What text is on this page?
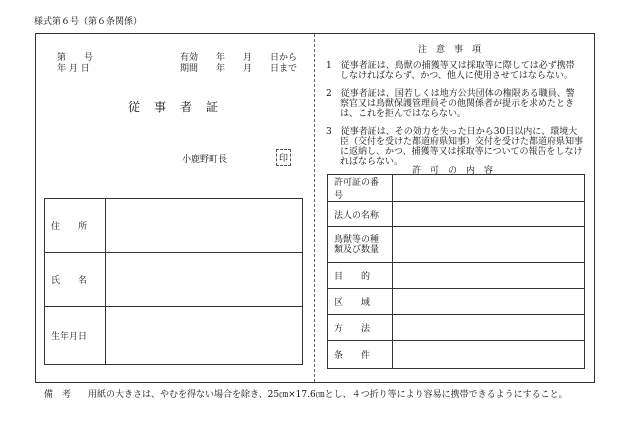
様式第６号（第６条関係）
第　　号
年 月 日
有効　　年　　月　　日から
期間　　年　　月　　日まで
従事者証
小鹿野町長	印
住　　所	
氏　　名	
生年月日	
注　意　事　項

1　 従事者証は、鳥獣の捕獲等又は採取等に際しては必ず携帯

しなければならず、かつ、他人に使用させてはならない。

2　 従事者証は、国若しくは地方公共団体の権限ある職員、警

察官又は鳥獣保護管理員その他関係者が提示を求めたとき

は、これを拒んではならない。

3　 従事者証は、その効力を失った日から30日以内に、環境大

臣（交付を受けた都道府県知事）交付を受けた都道府県知事

に返納し、かつ、捕獲等又は採取等についての報告をしなけ

ればならない。

許　可　の　内　容
許可証の番号	
法人の名称	
鳥獣等の種類及び数量	
目　　的	
区　　域	
方　　法	
条　　件	
備　考 用紙の大きさは、やむを得ない場合を除き、25㎝×17.6㎝とし、４つ折り等により容易に携帯できるようにすること。
